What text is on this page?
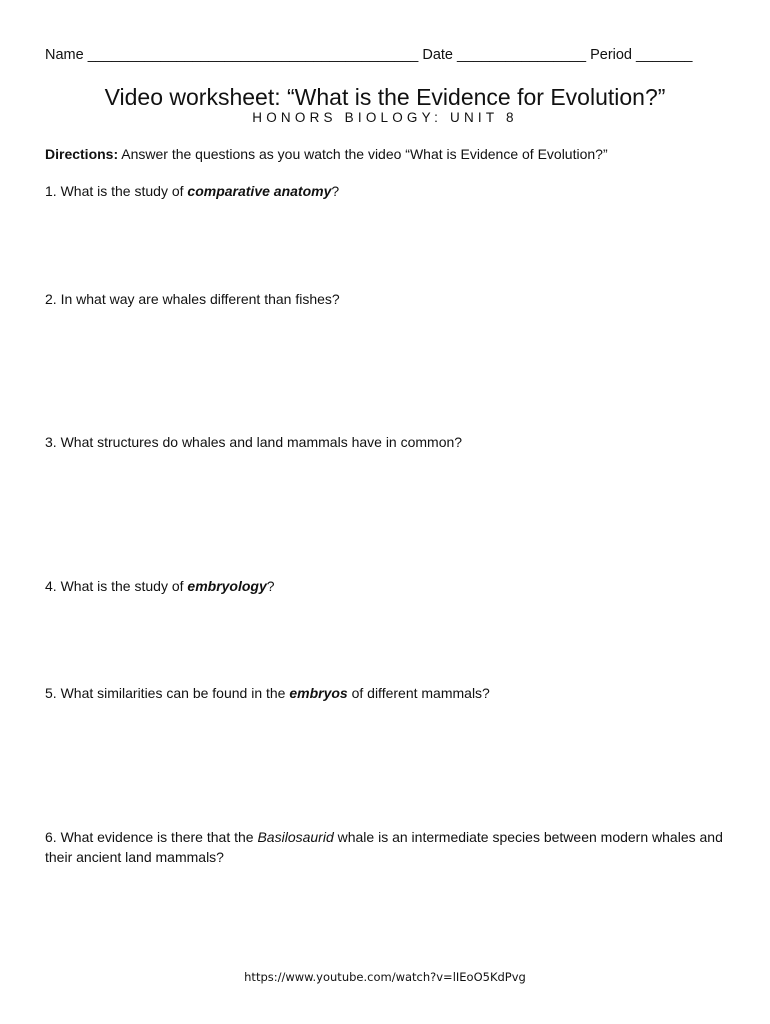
Name _________________________________________ Date ________________ Period _______
Video worksheet: “What is the Evidence for Evolution?”
HONORS BIOLOGY: UNIT 8
Directions: Answer the questions as you watch the video “What is Evidence of Evolution?”
1. What is the study of comparative anatomy?
2. In what way are whales different than fishes?
3. What structures do whales and land mammals have in common?
4. What is the study of embryology?
5. What similarities can be found in the embryos of different mammals?
6. What evidence is there that the Basilosaurid whale is an intermediate species between modern whales and their ancient land mammals?
https://www.youtube.com/watch?v=lIEoO5KdPvg
